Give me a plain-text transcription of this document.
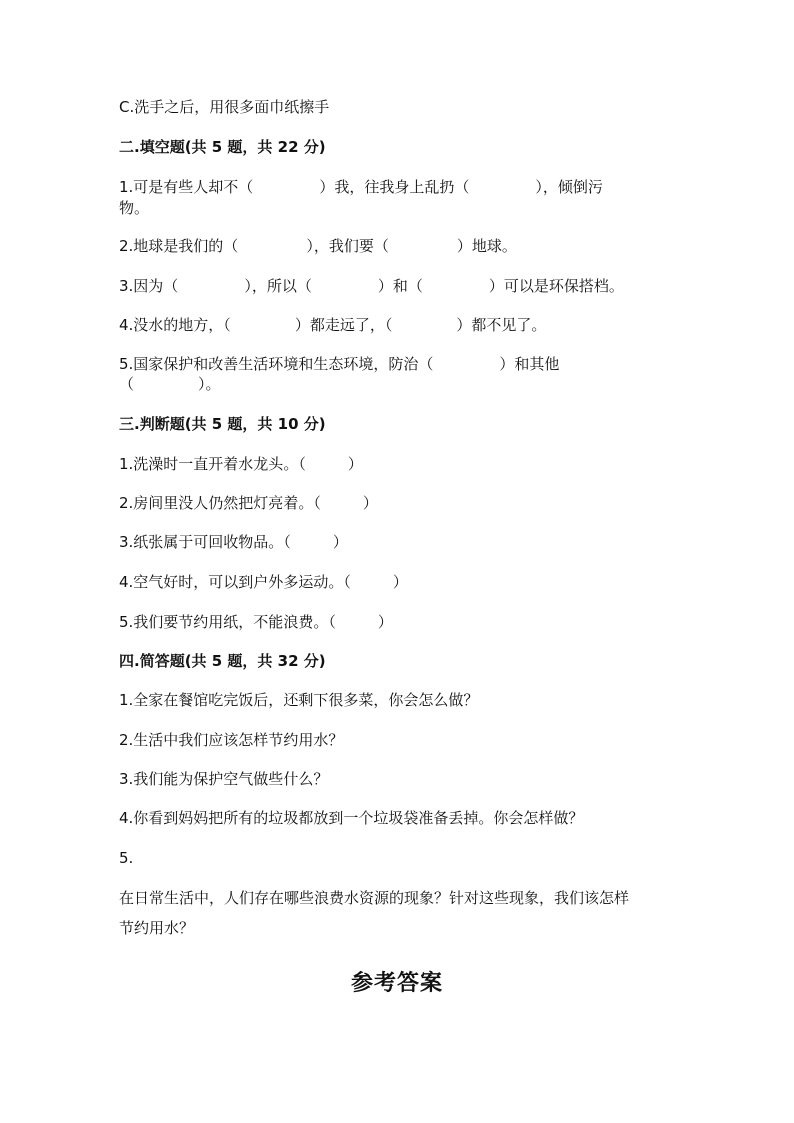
C.洗手之后，用很多面巾纸擦手
二.填空题(共 5 题，共 22 分)
1.可是有些人却不（	）我，往我身上乱扔（	），倾倒污
物。
2.地球是我们的（	），我们要（	）地球。
3.因为（	），所以（	）和（	）可以是环保搭档。
4.没水的地方，（	）都走远了，（	）都不见了。
5.国家保护和改善生活环境和生态环境，防治（	）和其他
（	）。
三.判断题(共 5 题，共 10 分)
1.洗澡时一直开着水龙头。（	）
2.房间里没人仍然把灯亮着。（	）
3.纸张属于可回收物品。（	）
4.空气好时，可以到户外多运动。（	）
5.我们要节约用纸，不能浪费。（	）
四.简答题(共 5 题，共 32 分)
1.全家在餐馆吃完饭后，还剩下很多菜，你会怎么做？
2.生活中我们应该怎样节约用水？
3.我们能为保护空气做些什么？
4.你看到妈妈把所有的垃圾都放到一个垃圾袋准备丢掉。你会怎样做？
5.
在日常生活中，人们存在哪些浪费水资源的现象？针对这些现象，我们该怎样
节约用水？
参考答案
